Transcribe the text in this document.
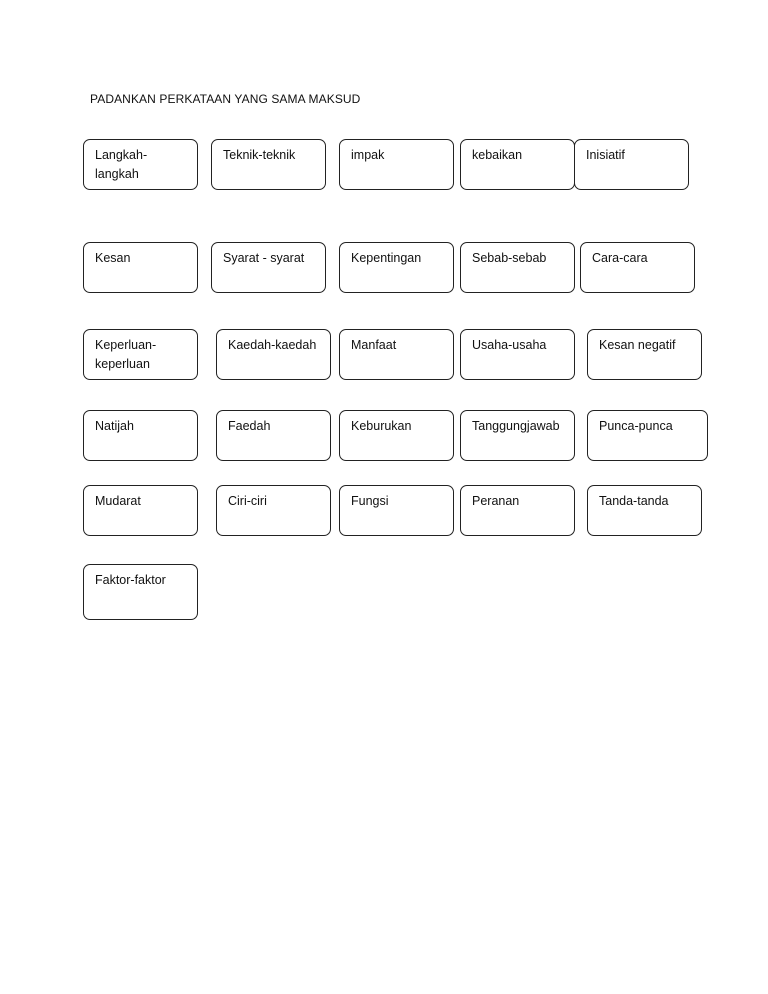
PADANKAN PERKATAAN YANG SAMA MAKSUD
Langkah-
langkah
Teknik-teknik	impak	kebaikan	Inisiatif
Kesan	Syarat - syarat	Kepentingan	Sebab-sebab	Cara-cara
Keperluan-
keperluan
Kaedah-kaedah	Manfaat	Usaha-usaha	Kesan negatif
Natijah	Faedah	Keburukan	Tanggungjawab	Punca-punca
Mudarat	Ciri-ciri	Fungsi	Peranan	Tanda-tanda
Faktor-faktor
